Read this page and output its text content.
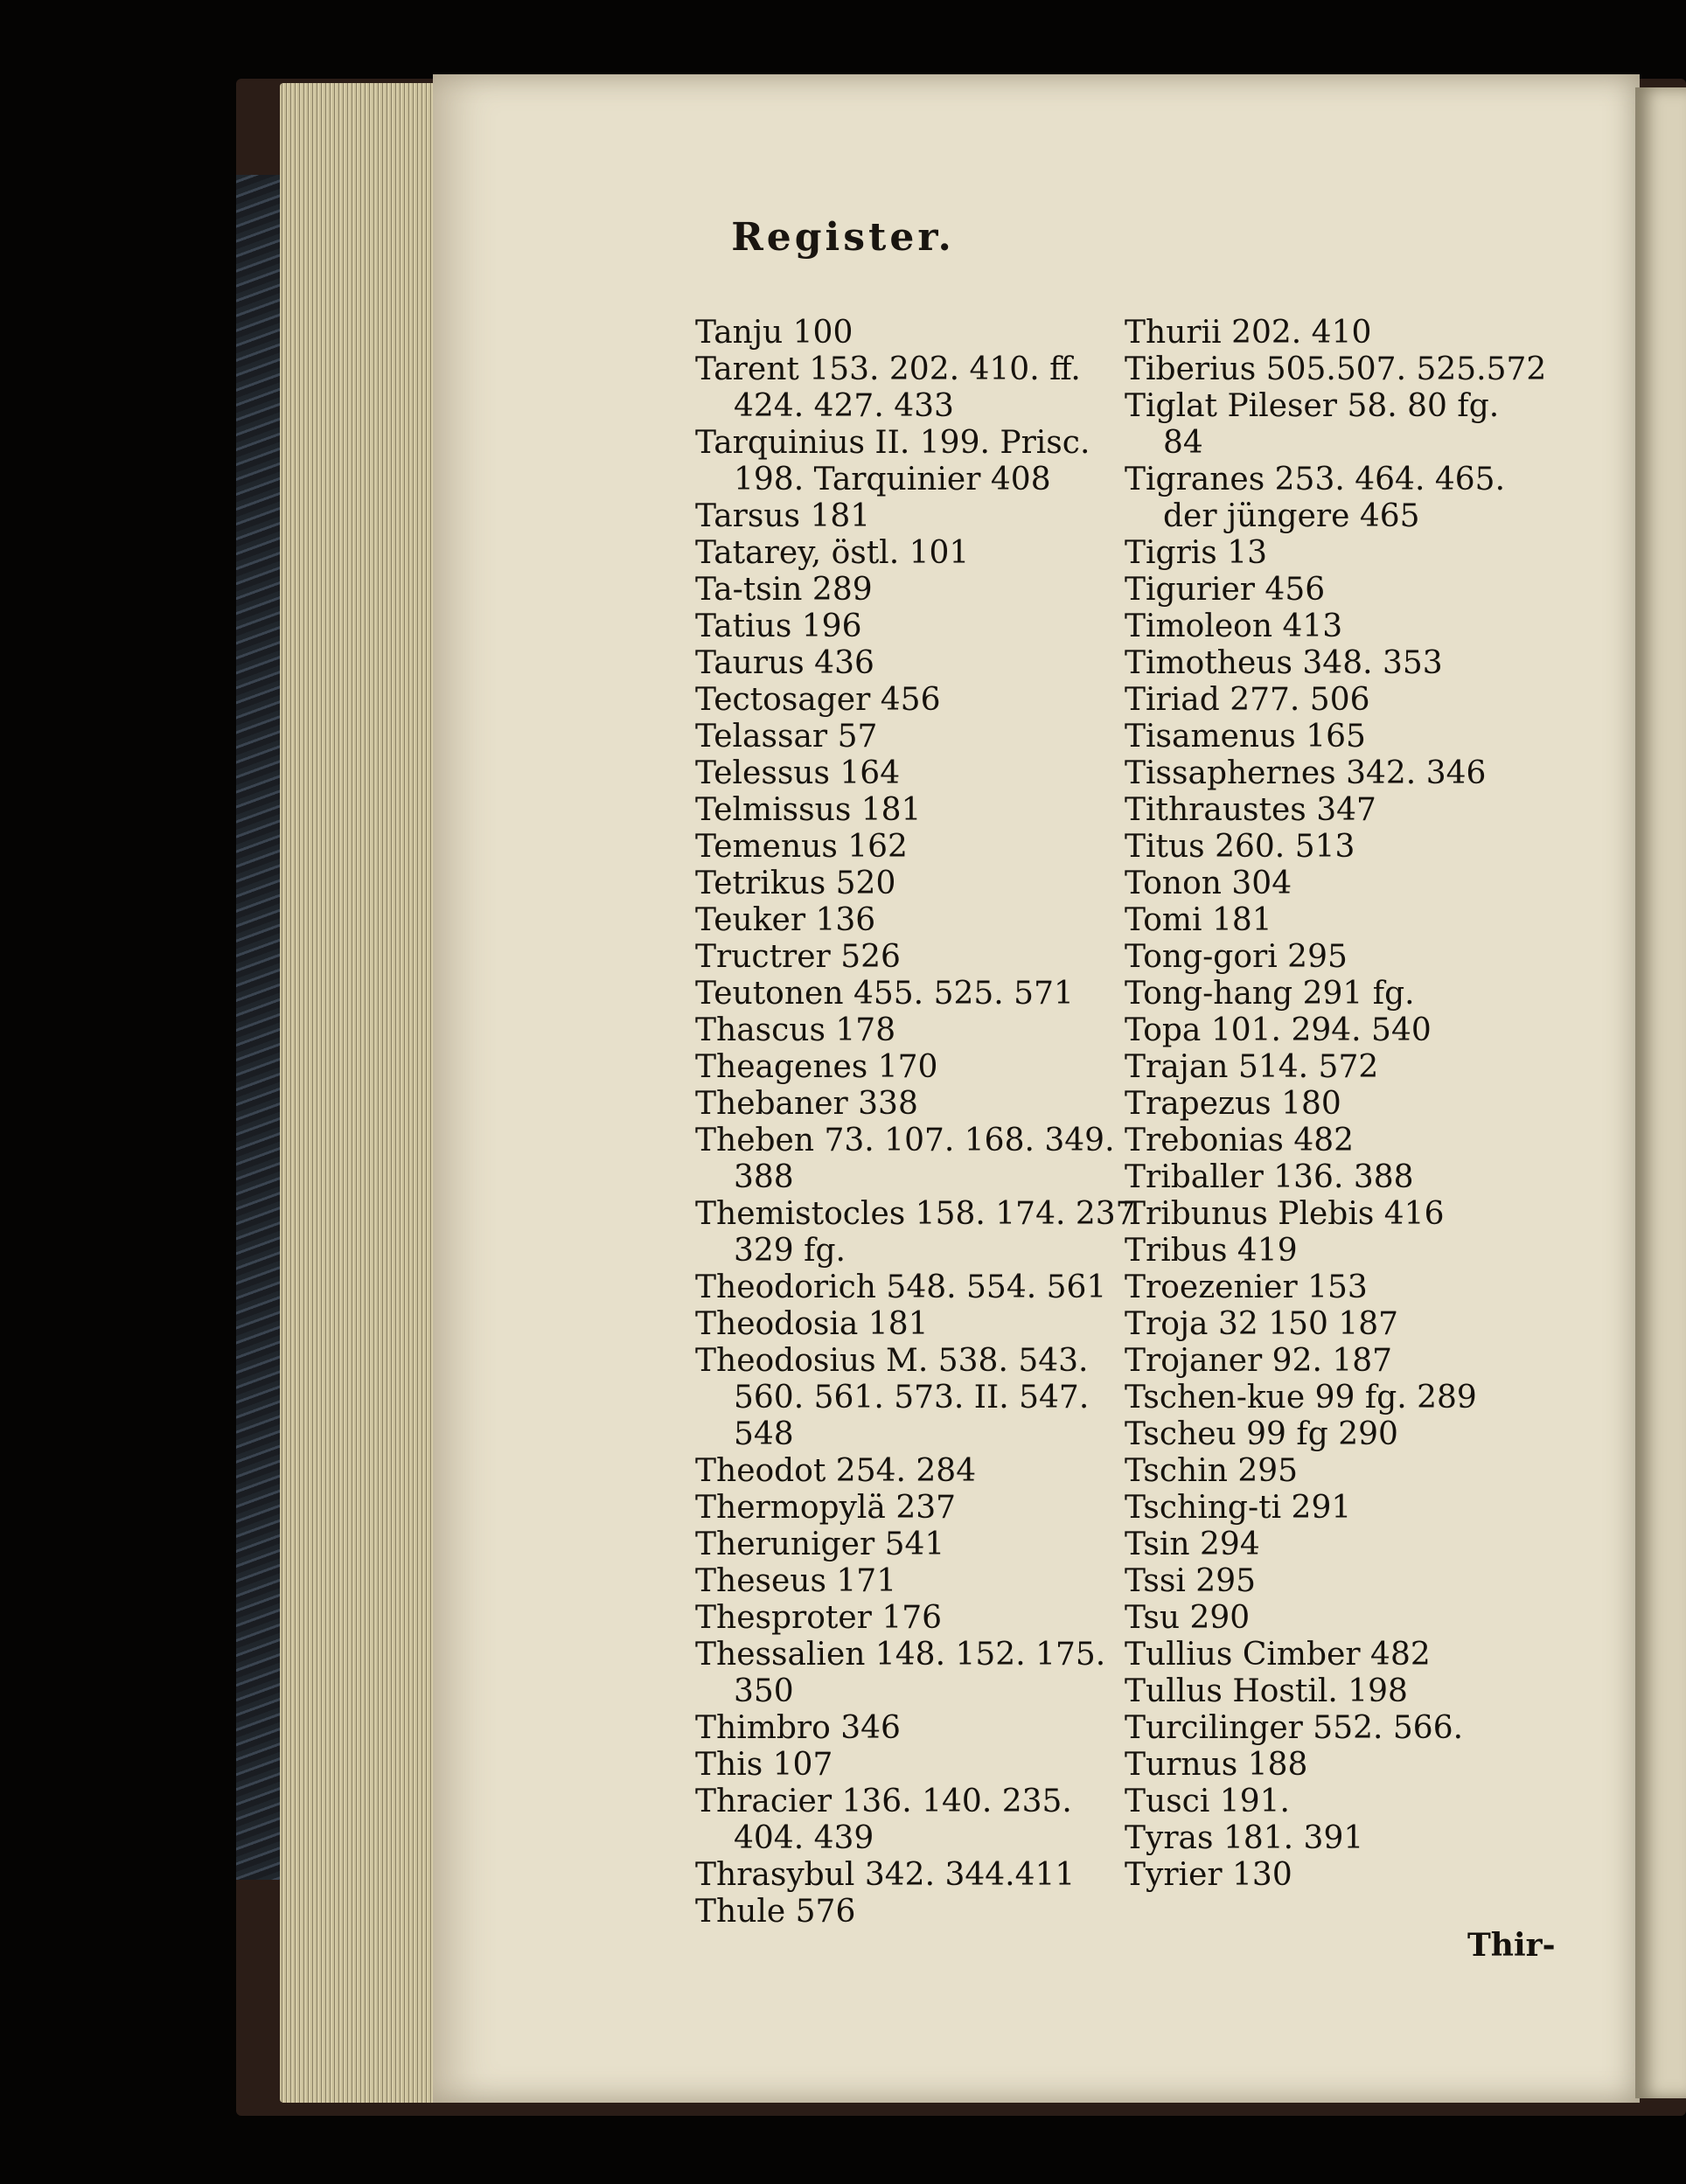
Register.
Tanju 100
Tarent 153. 202. 410. ff.
424. 427. 433
Tarquinius II. 199. Prisc.
198. Tarquinier 408
Tarsus 181
Tatarey, östl. 101
Ta-tsin 289
Tatius 196
Taurus 436
Tectosager 456
Telassar 57
Telessus 164
Telmissus 181
Temenus 162
Tetrikus 520
Teuker 136
Tructrer 526
Teutonen 455. 525. 571
Thascus 178
Theagenes 170
Thebaner 338
Theben 73. 107. 168. 349.
388
Themistocles 158. 174. 237
329 fg.
Theodorich 548. 554. 561
Theodosia 181
Theodosius M. 538. 543.
560. 561. 573. II. 547.
548
Theodot 254. 284
Thermopylä 237
Theruniger 541
Theseus 171
Thesproter 176
Thessalien 148. 152. 175.
350
Thimbro 346
This 107
Thracier 136. 140. 235.
404. 439
Thrasybul 342. 344.411
Thule 576
Thurii 202. 410
Tiberius 505.507. 525.572
Tiglat Pileser 58. 80 fg.
84
Tigranes 253. 464. 465.
der jüngere 465
Tigris 13
Tigurier 456
Timoleon 413
Timotheus 348. 353
Tiriad 277. 506
Tisamenus 165
Tissaphernes 342. 346
Tithraustes 347
Titus 260. 513
Tonon 304
Tomi 181
Tong-gori 295
Tong-hang 291 fg.
Topa 101. 294. 540
Trajan 514. 572
Trapezus 180
Trebonias 482
Triballer 136. 388
Tribunus Plebis 416
Tribus 419
Troezenier 153
Troja 32 150 187
Trojaner 92. 187
Tschen-kue 99 fg. 289
Tscheu 99 fg 290
Tschin 295
Tsching-ti 291
Tsin 294
Tssi 295
Tsu 290
Tullius Cimber 482
Tullus Hostil. 198
Turcilinger 552. 566.
Turnus 188
Tusci 191.
Tyras 181. 391
Tyrier 130
Thir-
